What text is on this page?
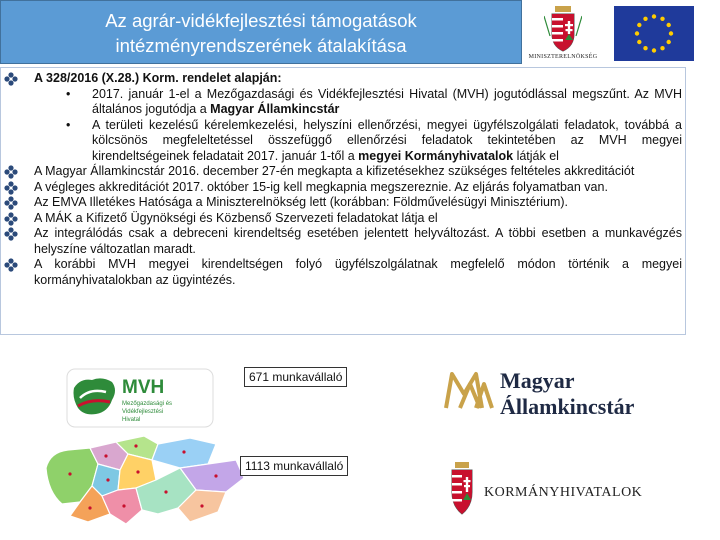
Az agrár-vidékfejlesztési támogatások
intézményrendszerének átalakítása
MINISZTERELNÖKSÉG
A 328/2016 (X.28.) Korm. rendelet alapján:
• 2017. január 1-el a Mezőgazdasági és Vidékfejlesztési Hivatal (MVH) jogutódlással megszűnt. Az MVH általános jogutódja a Magyar Államkincstár
• A területi kezelésű kérelemkezelési, helyszíni ellenőrzési, megyei ügyfélszolgálati feladatok, továbbá a kölcsönös megfeleltetéssel összefüggő ellenőrzési feladatok tekintetében az MVH megyei kirendeltségeinek feladatait 2017. január 1-től a megyei Kormányhivatalok látják el
A Magyar Államkincstár 2016. december 27-én megkapta a kifizetésekhez szükséges feltételes akkreditációt
A végleges akkreditációt 2017. október 15-ig kell megkapnia megszereznie. Az eljárás folyamatban van.
Az EMVA Illetékes Hatósága a Miniszterelnökség lett (korábban: Földművelésügyi Minisztérium).
A MÁK a Kifizető Ügynökségi és Közbenső Szervezeti feladatokat látja el
Az integrálódás csak a debreceni kirendeltség esetében jelentett helyváltozást. A többi esetben a munkavégzés helyszíne változatlan maradt.
A korábbi MVH megyei kirendeltségen folyó ügyfélszolgálatnak megfelelő módon történik a megyei kormányhivatalokban az ügyintézés.
MVH
Mezőgazdasági és
Vidékfejlesztési
Hivatal
671 munkavállaló
1113 munkavállaló
Magyar
Államkincstár
KORMÁNYHIVATALOK
